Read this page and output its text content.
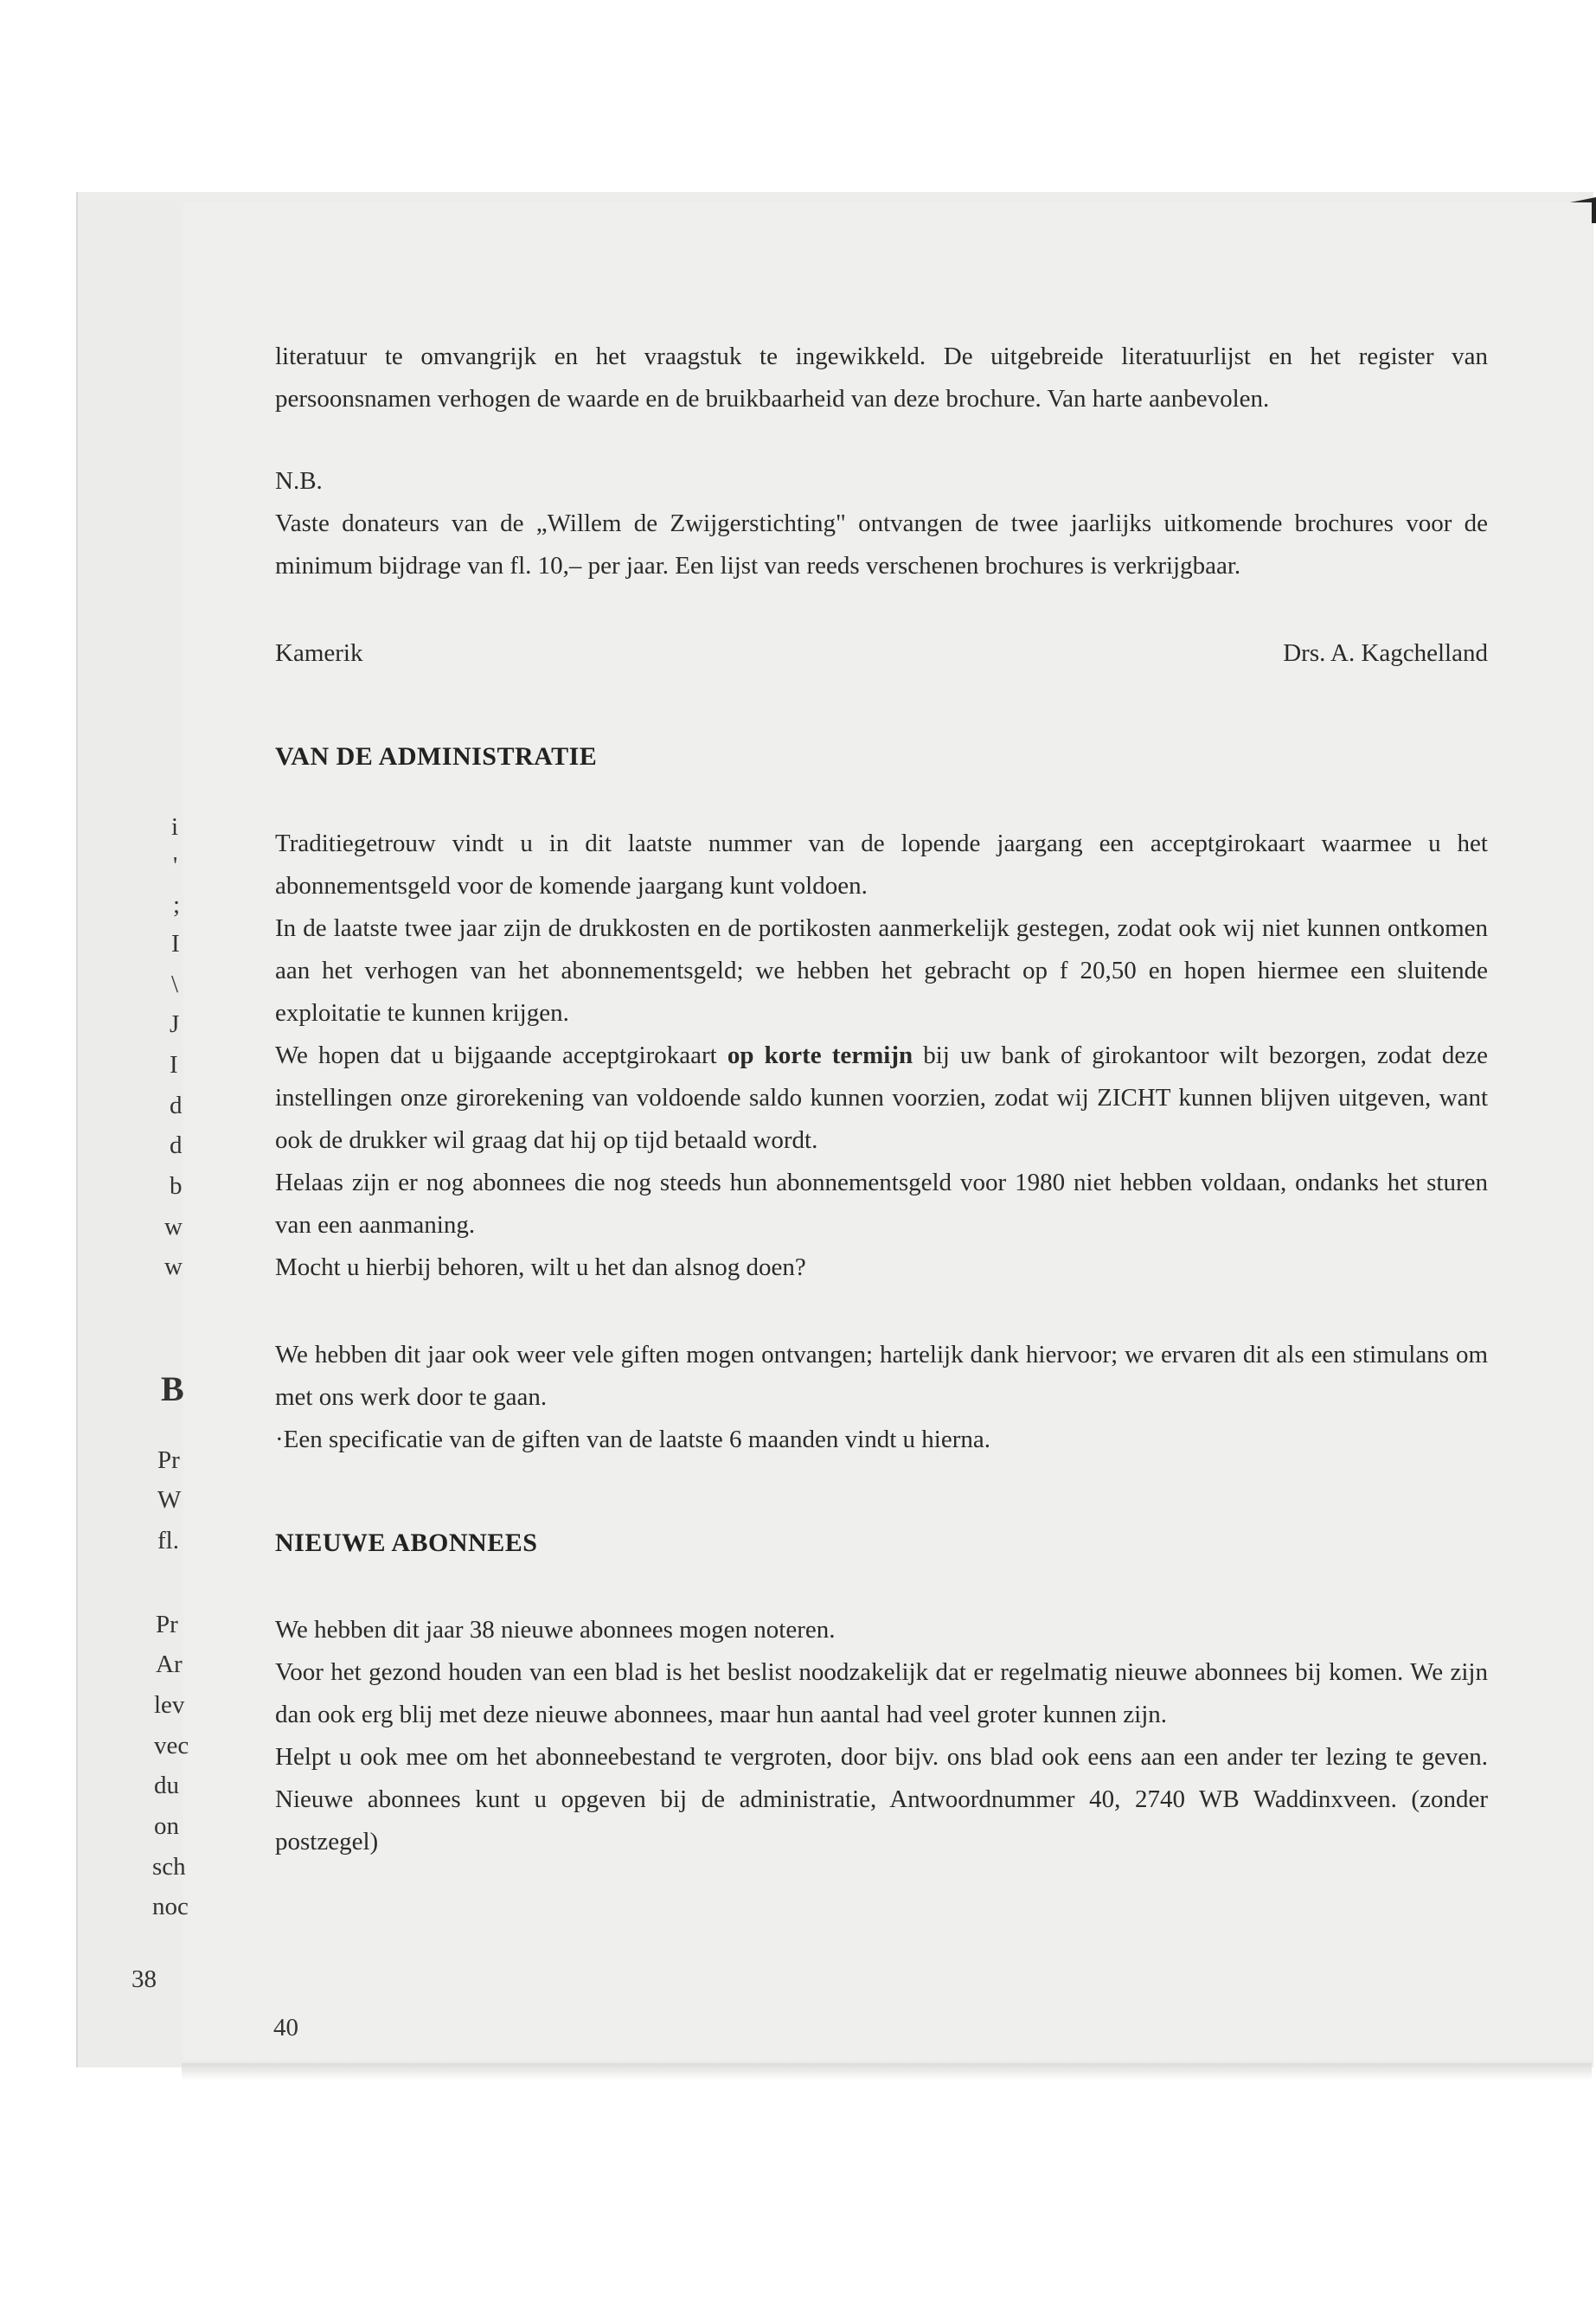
i
'
;
I
\
J
I
d
d
b
w
w
B
Pr
W
fl.
Pr
Ar
lev
vec
du
on
sch
noc
38

literatuur te omvangrijk en het vraagstuk te ingewikkeld. De uitgebreide literatuurlijst en het register van persoonsnamen verhogen de waarde en de bruikbaarheid van deze brochure. Van harte aanbevolen.

N.B.

Vaste donateurs van de „Willem de Zwijgerstichting" ontvangen de twee jaarlijks uitkomende brochures voor de minimum bijdrage van fl. 10,– per jaar. Een lijst van reeds verschenen brochures is verkrijgbaar.

Kamerik	Drs. A. Kagchelland

VAN DE ADMINISTRATIE

Traditiegetrouw vindt u in dit laatste nummer van de lopende jaargang een acceptgirokaart waarmee u het abonnementsgeld voor de komende jaargang kunt voldoen.

In de laatste twee jaar zijn de drukkosten en de portikosten aanmerkelijk gestegen, zodat ook wij niet kunnen ontkomen aan het verhogen van het abonnementsgeld; we hebben het gebracht op f 20,50 en hopen hiermee een sluitende exploitatie te kunnen krijgen.

We hopen dat u bijgaande acceptgirokaart op korte termijn bij uw bank of girokantoor wilt bezorgen, zodat deze instellingen onze girorekening van voldoende saldo kunnen voorzien, zodat wij ZICHT kunnen blijven uitgeven, want ook de drukker wil graag dat hij op tijd betaald wordt.

Helaas zijn er nog abonnees die nog steeds hun abonnementsgeld voor 1980 niet hebben voldaan, ondanks het sturen van een aanmaning.

Mocht u hierbij behoren, wilt u het dan alsnog doen?

We hebben dit jaar ook weer vele giften mogen ontvangen; hartelijk dank hiervoor; we ervaren dit als een stimulans om met ons werk door te gaan.

·Een specificatie van de giften van de laatste 6 maanden vindt u hierna.

NIEUWE ABONNEES

We hebben dit jaar 38 nieuwe abonnees mogen noteren.

Voor het gezond houden van een blad is het beslist noodzakelijk dat er regelmatig nieuwe abonnees bij komen. We zijn dan ook erg blij met deze nieuwe abonnees, maar hun aantal had veel groter kunnen zijn.

Helpt u ook mee om het abonneebestand te vergroten, door bijv. ons blad ook eens aan een ander ter lezing te geven. Nieuwe abonnees kunt u opgeven bij de administratie, Antwoordnummer 40, 2740 WB Waddinxveen. (zonder postzegel)

40
